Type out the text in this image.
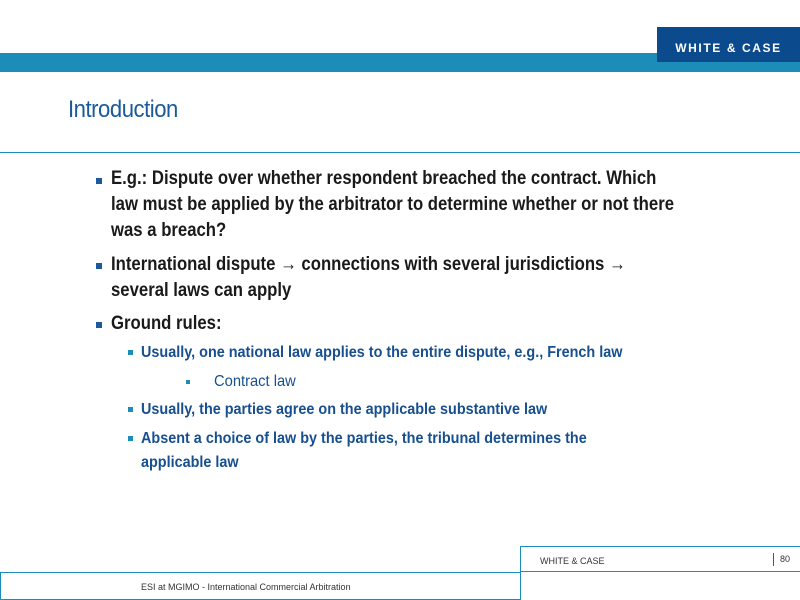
WHITE & CASE
Introduction
E.g.: Dispute over whether respondent breached the contract. Which
law must be applied by the arbitrator to determine whether or not there
was a breach?
International dispute → connections with several jurisdictions →
several laws can apply
Ground rules:
Usually, one national law applies to the entire dispute, e.g., French law
Contract law
Usually, the parties agree on the applicable substantive law
Absent a choice of law by the parties, the tribunal determines the
applicable law
WHITE & CASE	80
ESI at MGIMO - International Commercial Arbitration
